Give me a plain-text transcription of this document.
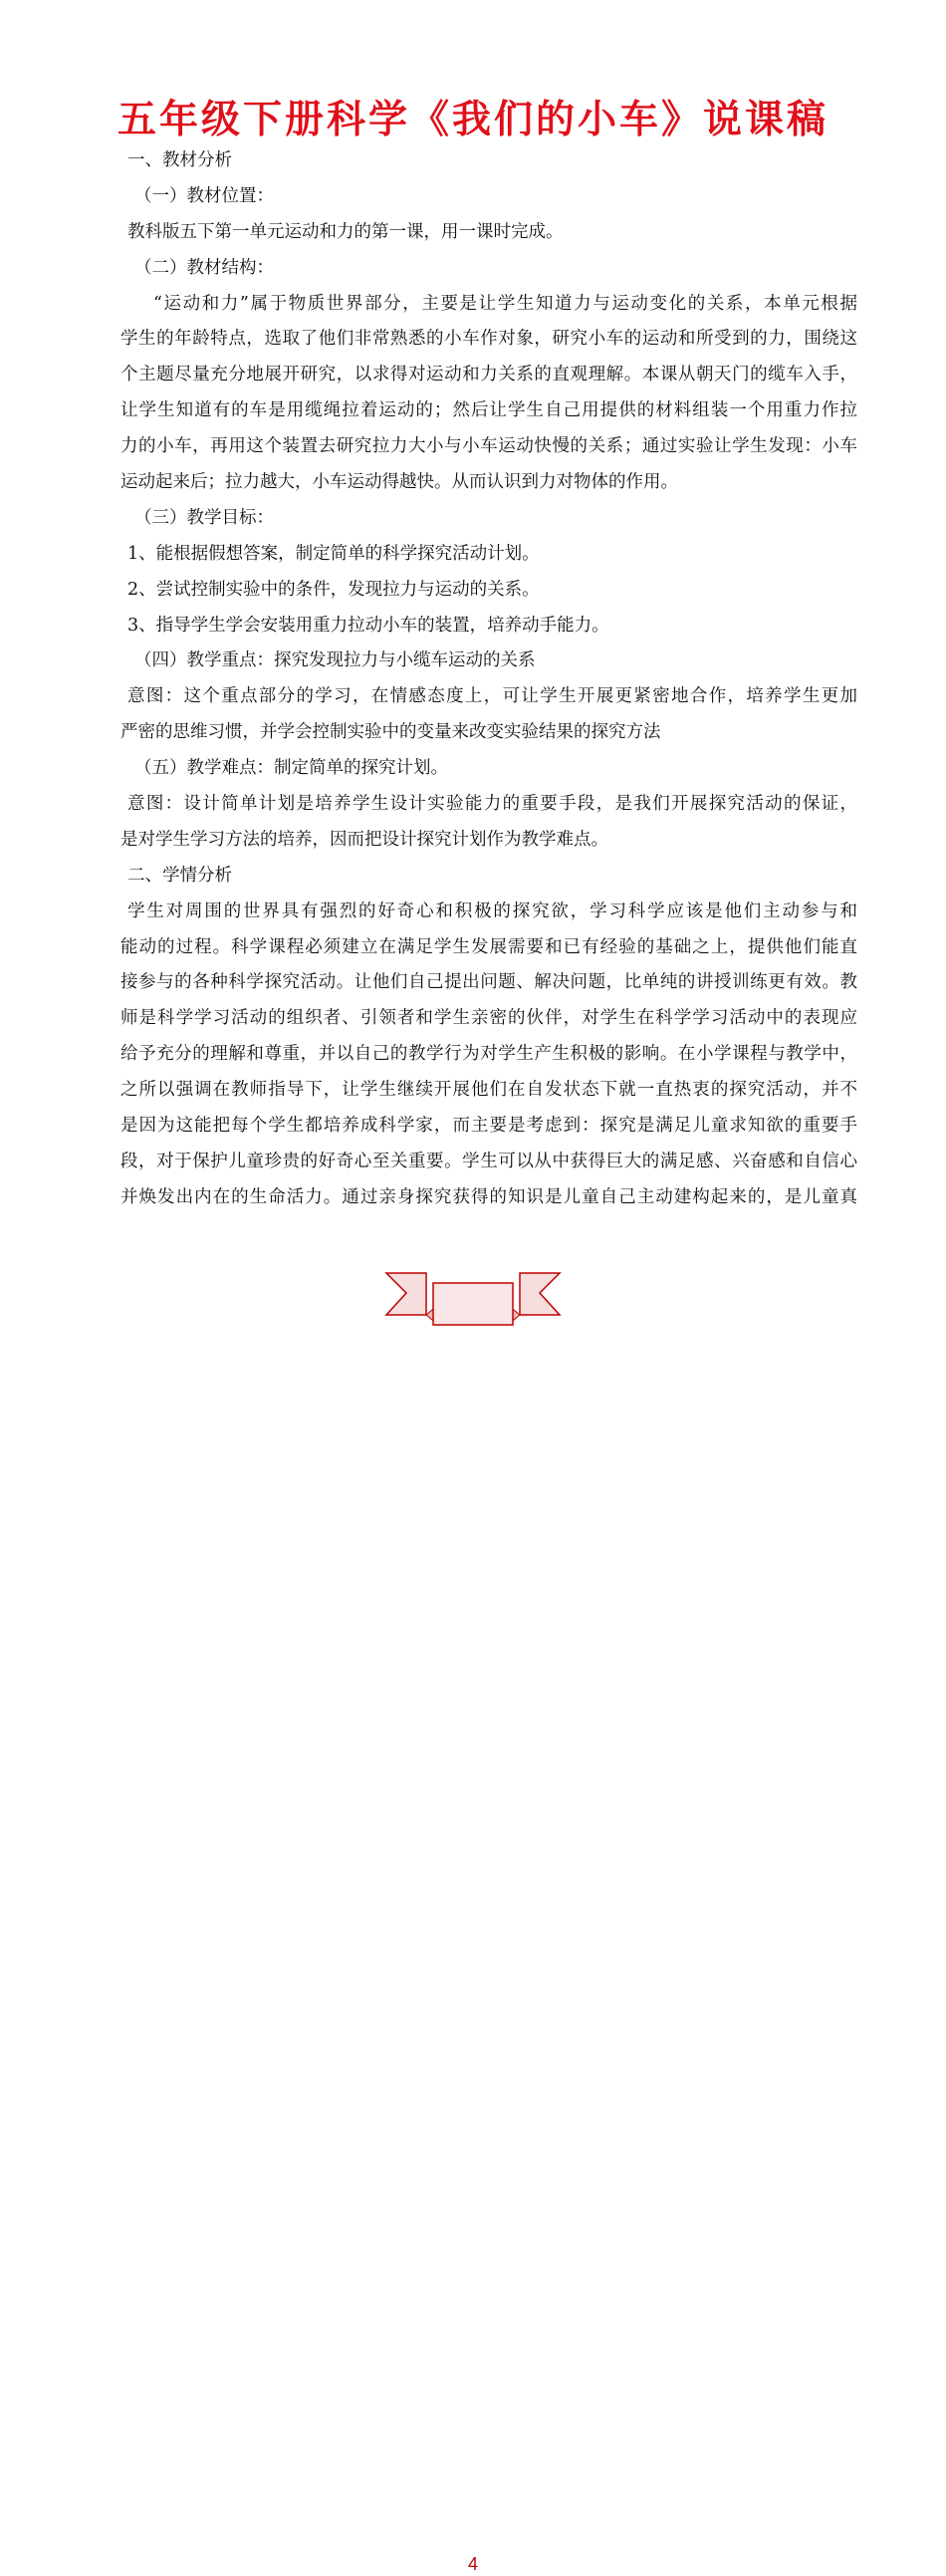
五年级下册科学《我们的小车》说课稿

一、教材分析

（一）教材位置：

教科版五下第一单元运动和力的第一课，用一课时完成。

（二）教材结构：

“运动和力”属于物质世界部分，主要是让学生知道力与运动变化的关系，本单元根据

学生的年龄特点，选取了他们非常熟悉的小车作对象，研究小车的运动和所受到的力，围绕这

个主题尽量充分地展开研究，以求得对运动和力关系的直观理解。本课从朝天门的缆车入手，

让学生知道有的车是用缆绳拉着运动的；然后让学生自己用提供的材料组装一个用重力作拉

力的小车，再用这个装置去研究拉力大小与小车运动快慢的关系；通过实验让学生发现：小车

运动起来后；拉力越大，小车运动得越快。从而认识到力对物体的作用。

（三）教学目标：

1、能根据假想答案，制定简单的科学探究活动计划。

2、尝试控制实验中的条件，发现拉力与运动的关系。

3、指导学生学会安装用重力拉动小车的装置，培养动手能力。

（四）教学重点：探究发现拉力与小缆车运动的关系

意图：这个重点部分的学习，在情感态度上，可让学生开展更紧密地合作，培养学生更加

严密的思维习惯，并学会控制实验中的变量来改变实验结果的探究方法

（五）教学难点：制定简单的探究计划。

意图：设计简单计划是培养学生设计实验能力的重要手段，是我们开展探究活动的保证，

是对学生学习方法的培养，因而把设计探究计划作为教学难点。

二、学情分析

学生对周围的世界具有强烈的好奇心和积极的探究欲，学习科学应该是他们主动参与和

能动的过程。科学课程必须建立在满足学生发展需要和已有经验的基础之上，提供他们能直

接参与的各种科学探究活动。让他们自己提出问题、解决问题，比单纯的讲授训练更有效。教

师是科学学习活动的组织者、引领者和学生亲密的伙伴，对学生在科学学习活动中的表现应

给予充分的理解和尊重，并以自己的教学行为对学生产生积极的影响。在小学课程与教学中，

之所以强调在教师指导下，让学生继续开展他们在自发状态下就一直热衷的探究活动，并不

是因为这能把每个学生都培养成科学家，而主要是考虑到：探究是满足儿童求知欲的重要手

段，对于保护儿童珍贵的好奇心至关重要。学生可以从中获得巨大的满足感、兴奋感和自信心

并焕发出内在的生命活力。通过亲身探究获得的知识是儿童自己主动建构起来的，是儿童真

4
